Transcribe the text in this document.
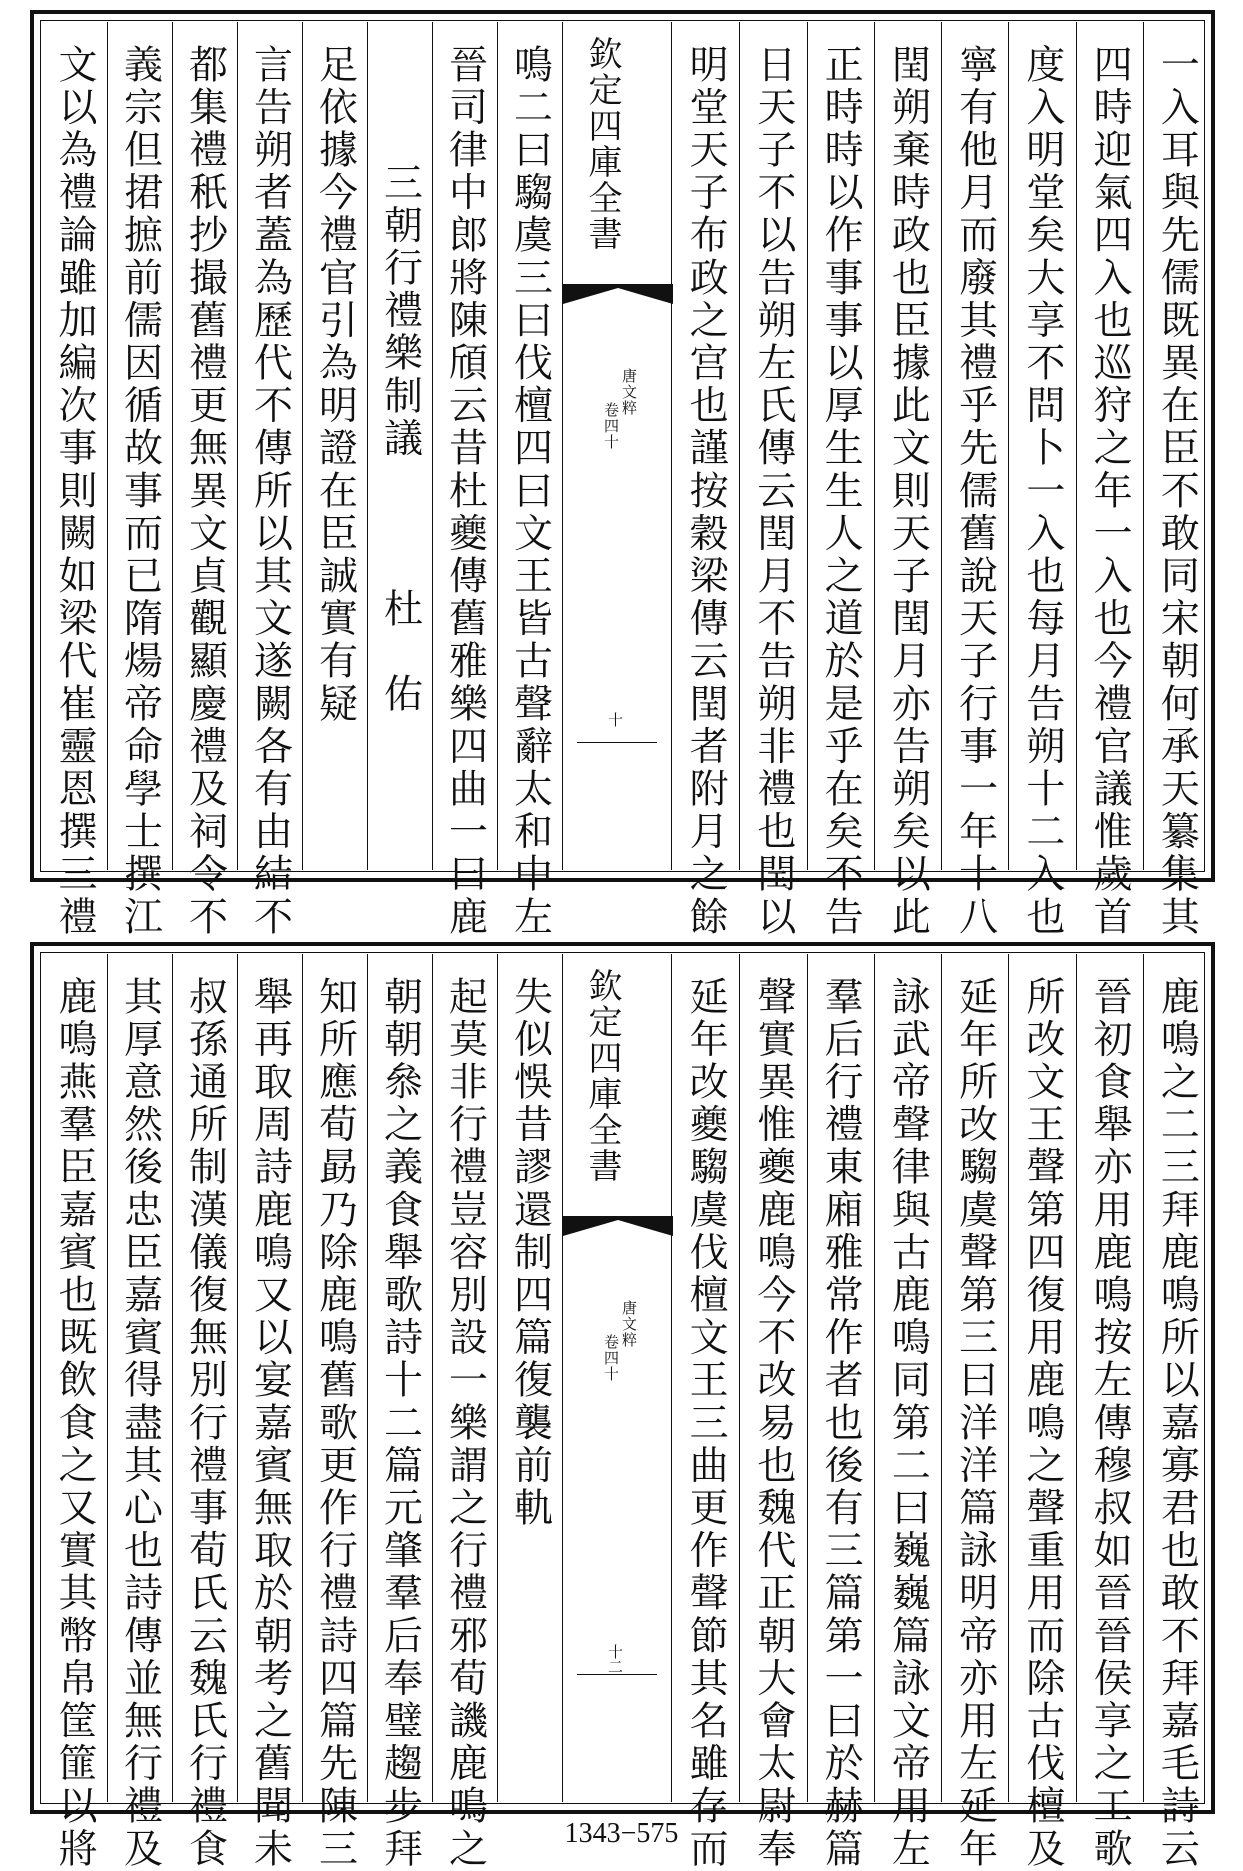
明堂天子布政之宫也謹按穀梁傳云閏者附月之餘 日天子不以告朔左氏傳云閏月不告朔非禮也閏以 正時時以作事事以厚生生人之道於是乎在矣不告 閏朔棄時政也臣據此文則天子閏月亦告朔矣以此 寧有他月而廢其禮乎先儒舊說天子行事一年十八 度入明堂矣大享不問卜一入也每月告朔十二入也 四時迎氣四入也巡狩之年一入也今禮官議惟歲首 一入耳與先儒既異在臣不敢同宋朝何承天纂集其
欽定四庫全書
唐文粹
卷四十
十
文以為禮論雖加編次事則闕如梁代崔靈恩撰三禮 義宗但捃摭前儒因循故事而已隋煬帝命學士撰江 都集禮秖抄撮舊禮更無異文貞觀顯慶禮及祠令不 言告朔者蓋為歷代不傳所以其文遂闕各有由結不 足依據今禮官引為明證在臣誠實有疑 三朝行禮樂制議　　　杜　佑 晉司律中郎將陳頎云昔杜夔傳舊雅樂四曲一曰鹿 鳴二曰騶虞三曰伐檀四曰文王皆古聲辭太和中左
延年改夔騶虞伐檀文王三曲更作聲節其名雖存而 聲實異惟夔鹿鳴今不改易也魏代正朝大會太尉奉 羣后行禮東廂雅常作者也後有三篇第一曰於赫篇 詠武帝聲律與古鹿鳴同第二曰巍巍篇詠文帝用左 延年所改騶虞聲第三曰洋洋篇詠明帝亦用左延年 所改文王聲第四復用鹿鳴之聲重用而除古伐檀及 晉初食舉亦用鹿鳴按左傳穆叔如晉晉侯享之工歌 鹿鳴之二三拜鹿鳴所以嘉寡君也敢不拜嘉毛詩云
欽定四庫全書
唐文粹
卷四十
十二
鹿鳴燕羣臣嘉賓也既飲食之又實其幣帛筐篚以將 其厚意然後忠臣嘉賓得盡其心也詩傳並無行禮及 叔孫通所制漢儀復無別行禮事荀氏云魏氏行禮食 舉再取周詩鹿鳴又以宴嘉賓無取於朝考之舊聞未 知所應荀勗乃除鹿鳴舊歌更作行禮詩四篇先陳三 朝朝叅之義食舉歌詩十二篇元肇羣后奉璧趨步拜 起莫非行禮豈容別設一樂謂之行禮邪荀譏鹿鳴之 失似悞昔謬還制四篇復襲前軌
1343−575
